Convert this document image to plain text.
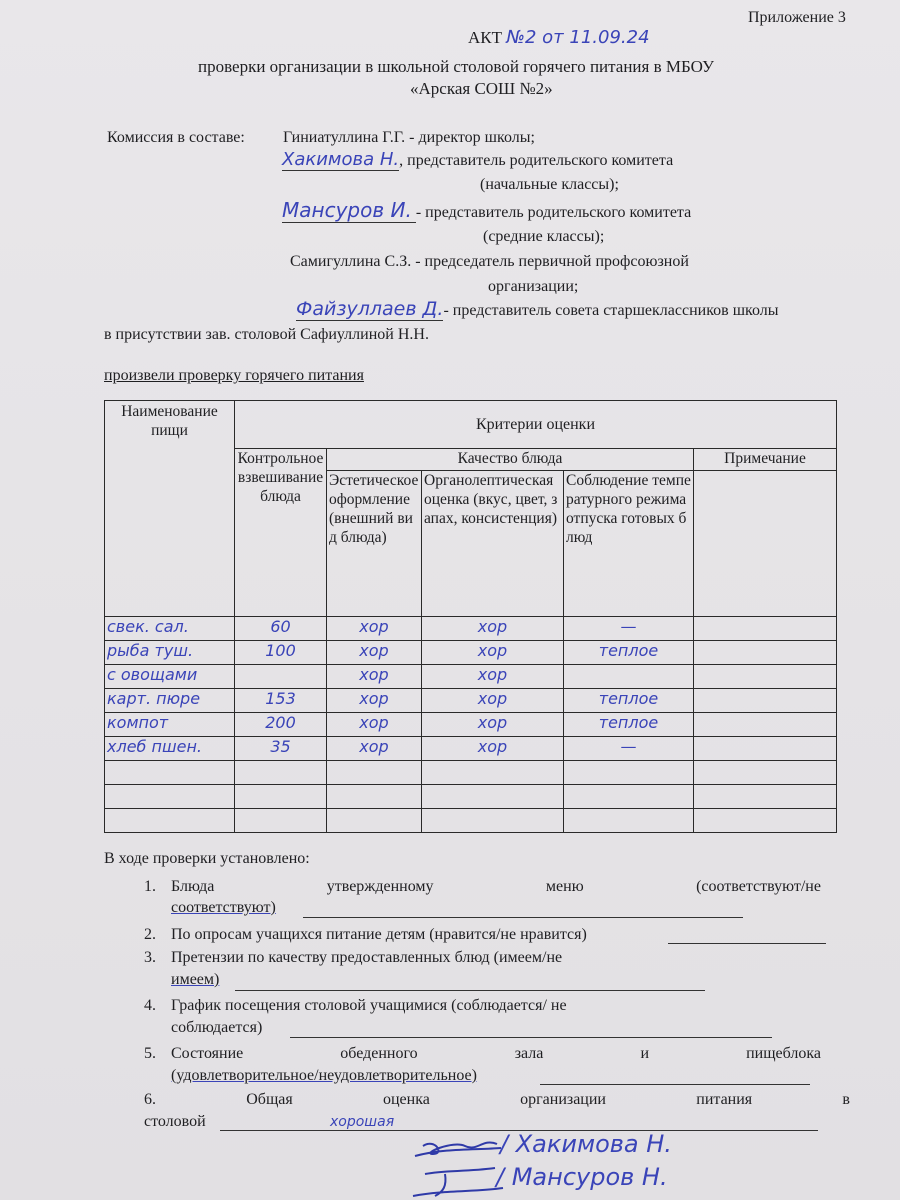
Приложение 3
АКТ №2 от 11.09.24
проверки организации в школьной столовой горячего питания в МБОУ
«Арская СОШ №2»
Комиссия в составе: Гиниатуллина Г.Г. - директор школы;
Хакимова Н., представитель родительского комитета
(начальные классы);
Мансуров И. - представитель родительского комитета
(средние классы);
Самигуллина С.З. - председатель первичной профсоюзной
организации;
Файзуллаев Д.- представитель совета старшеклассников школы
в присутствии зав. столовой Сафиуллиной Н.Н.
произвели проверку горячего питания
Наименование пищи	Критерии оценки				
	Контрольное взвешивание блюда	Качество блюда			Примечание
		Эстетическое оформление (внешний вид блюда)	Органолептическая оценка (вкус, цвет, запах, консистенция)	Соблюдение температурного режима отпуска готовых блюд	
свек. сал.	60	хор	хор	—	
рыба туш.	100	хор	хор	теплое	
с овощами		хор	хор		
карт. пюре	153	хор	хор	теплое	
компот	200	хор	хор	теплое	
хлеб пшен.	35	хор	хор	—	

В ходе проверки установлено:
1. Блюда	утвержденному	меню	(соответствуют/не
соответствуют)
2. По опросам учащихся питание детям (нравится/не нравится)
3. Претензии по качеству предоставленных блюд (имеем/не
имеем)
4. График посещения столовой учащимися (соблюдается/ не
соблюдается)
5. Состояние	обеденного	зала	и	пищеблока
(удовлетворительное/неудовлетворительное)
6.	Общая	оценка	организации	питания	в
столовой	хорошая
/ Хакимова Н.
/ Мансуров Н.
